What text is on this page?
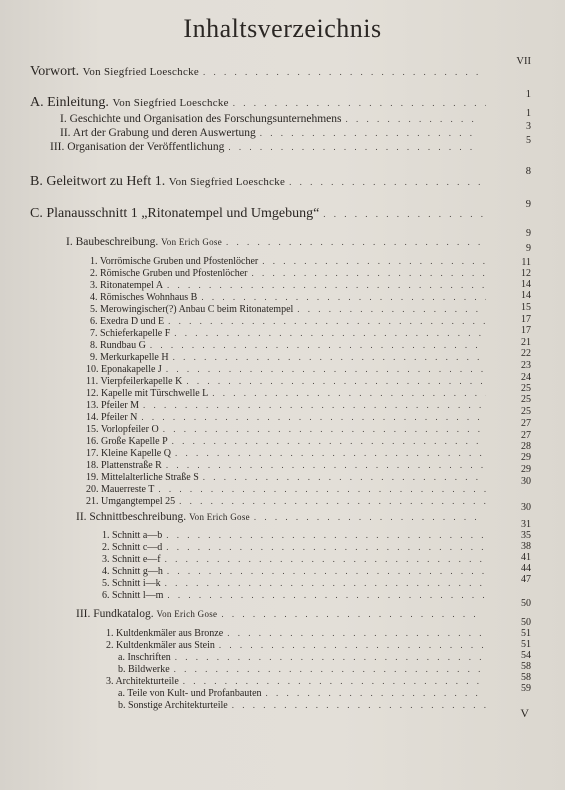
Inhaltsverzeichnis
Vorwort. Von Siegfried Loeschcke
. . .
VII
A. Einleitung. Von Siegfried Loeschcke
. . .
1
I. Geschichte und Organisation des Forschungsunternehmens
. . .	1
II. Art der Grabung und deren Auswertung
. . .
3
III. Organisation der Veröffentlichung
. . .
5
B. Geleitwort zu Heft 1. Von Siegfried Loeschcke
. . .
8
C. Planausschnitt 1 „Ritonatempel und Umgebung“
. . .
9
I. Baubeschreibung. Von Erich Gose
. . .
9
1. Vorrömische Gruben und Pfostenlöcher
. . .
9
2. Römische Gruben und Pfostenlöcher
. . .
11
3. Ritonatempel A
. . .
12
4. Römisches Wohnhaus B
. . .
14
5. Merowingischer(?) Anbau C beim Ritonatempel
. . .
14
6. Exedra D und E
. . .
15
7. Schieferkapelle F
. . .
17
8. Rundbau G
. . .
17
9. Merkurkapelle H
. . .
21
10. Eponakapelle J
. . .
22
11. Vierpfeilerkapelle K
. . .
23
12. Kapelle mit Türschwelle L
. . .
24
13. Pfeiler M
. . .
25
14. Pfeiler N
. . .
25
15. Vorlopfeiler O
. . .
25
16. Große Kapelle P
. . .
27
17. Kleine Kapelle Q
. . .
27
18. Plattenstraße R
. . .
28
19. Mittelalterliche Straße S
. . .
29
20. Mauerreste T
. . .
29
21. Umgangtempel 25
. . .
30
II. Schnittbeschreibung. Von Erich Gose
. . .
30
1. Schnitt a—b
. . .
31
2. Schnitt c—d
. . .
35
3. Schnitt e—f
. . .
38
4. Schnitt g—h
. . .
41
5. Schnitt i—k
. . .
44
6. Schnitt l—m
. . .
47
III. Fundkatalog. Von Erich Gose
. . .
50
1. Kultdenkmäler aus Bronze
. . .
50
2. Kultdenkmäler aus Stein
. . .
51
a. Inschriften
. . .
51
b. Bildwerke
. . .
54
3. Architekturteile
. . .
58
a. Teile von Kult- und Profanbauten
. . .
58
b. Sonstige Architekturteile
. . .
59
V
